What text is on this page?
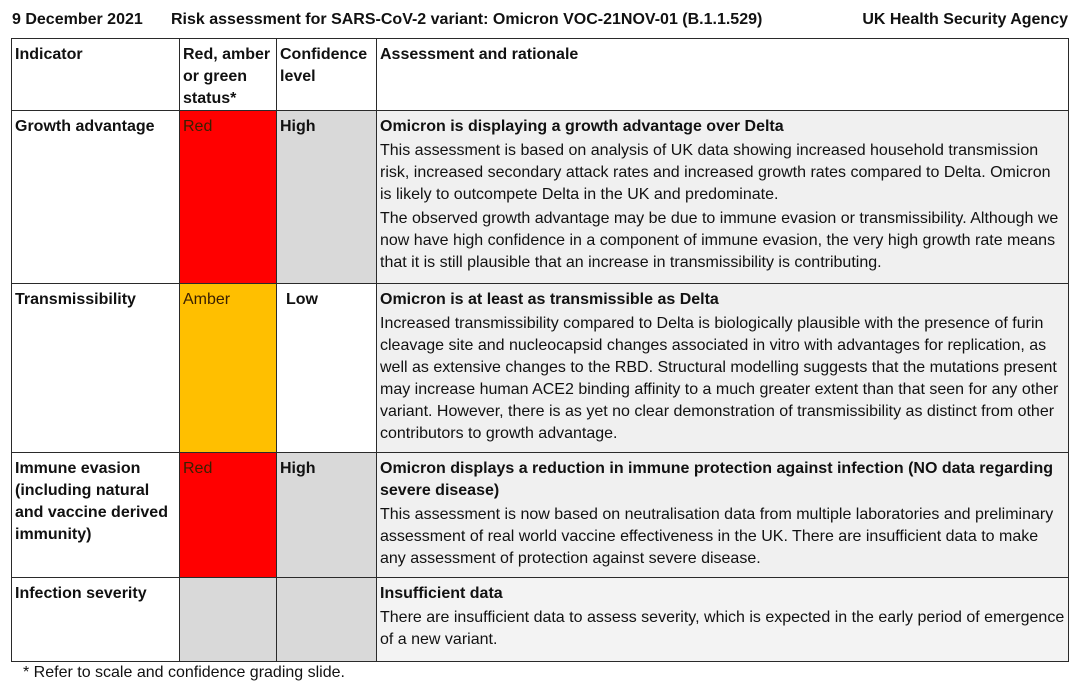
9 December 2021 Risk assessment for SARS-CoV-2 variant: Omicron VOC-21NOV-01 (B.1.1.529)	UK Health Security Agency
Indicator	Red, amber or green status*	Confidence level	Assessment and rationale
Growth advantage	Red	High	Omicron is displaying a growth advantage over Delta
This assessment is based on analysis of UK data showing increased household transmission risk, increased secondary attack rates and increased growth rates compared to Delta. Omicron is likely to outcompete Delta in the UK and predominate.
The observed growth advantage may be due to immune evasion or transmissibility. Although we now have high confidence in a component of immune evasion, the very high growth rate means that it is still plausible that an increase in transmissibility is contributing.

Transmissibility	Amber	Low	Omicron is at least as transmissible as Delta
Increased transmissibility compared to Delta is biologically plausible with the presence of furin cleavage site and nucleocapsid changes associated in vitro with advantages for replication, as well as extensive changes to the RBD. Structural modelling suggests that the mutations present may increase human ACE2 binding affinity to a much greater extent than that seen for any other variant. However, there is as yet no clear demonstration of transmissibility as distinct from other contributors to growth advantage.

Immune evasion (including natural and vaccine derived immunity)	Red	High	Omicron displays a reduction in immune protection against infection (NO data regarding severe disease)
This assessment is now based on neutralisation data from multiple laboratories and preliminary assessment of real world vaccine effectiveness in the UK. There are insufficient data to make any assessment of protection against severe disease.

Infection severity			Insufficient data
There are insufficient data to assess severity, which is expected in the early period of emergence of a new variant.
* Refer to scale and confidence grading slide.
